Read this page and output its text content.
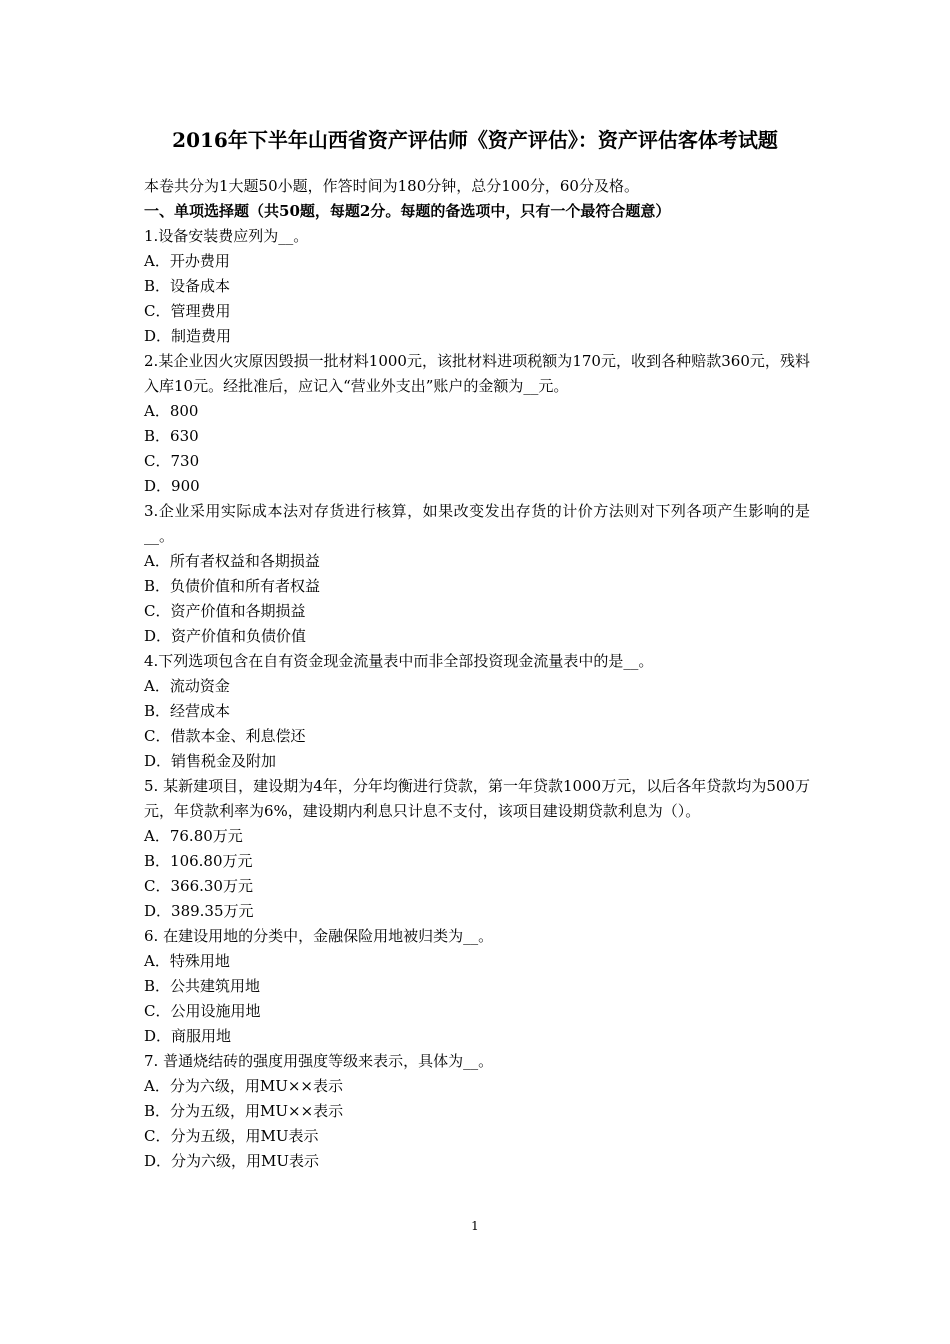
2016年下半年山西省资产评估师《资产评估》：资产评估客体考试题
本卷共分为1大题50小题，作答时间为180分钟，总分100分，60分及格。
一、单项选择题（共50题，每题2分。每题的备选项中，只有一个最符合题意）
1.设备安装费应列为__。
A．开办费用
B．设备成本
C．管理费用
D．制造费用
2.某企业因火灾原因毁损一批材料1000元，该批材料进项税额为170元，收到各种赔款360元，残料入库10元。经批准后，应记入“营业外支出”账户的金额为__元。
A．800
B．630
C．730
D．900
3.企业采用实际成本法对存货进行核算，如果改变发出存货的计价方法则对下列各项产生影响的是__。
A．所有者权益和各期损益
B．负债价值和所有者权益
C．资产价值和各期损益
D．资产价值和负债价值
4.下列选项包含在自有资金现金流量表中而非全部投资现金流量表中的是__。
A．流动资金
B．经营成本
C．借款本金、利息偿还
D．销售税金及附加
5. 某新建项目，建设期为4年，分年均衡进行贷款，第一年贷款1000万元，以后各年贷款均为500万元，年贷款利率为6%，建设期内利息只计息不支付，该项目建设期贷款利息为（）。
A．76.80万元
B．106.80万元
C．366.30万元
D．389.35万元
6. 在建设用地的分类中，金融保险用地被归类为__。
A．特殊用地
B．公共建筑用地
C．公用设施用地
D．商服用地
7. 普通烧结砖的强度用强度等级来表示，具体为__。
A．分为六级，用MU××表示
B．分为五级，用MU××表示
C．分为五级，用MU表示
D．分为六级，用MU表示
1
